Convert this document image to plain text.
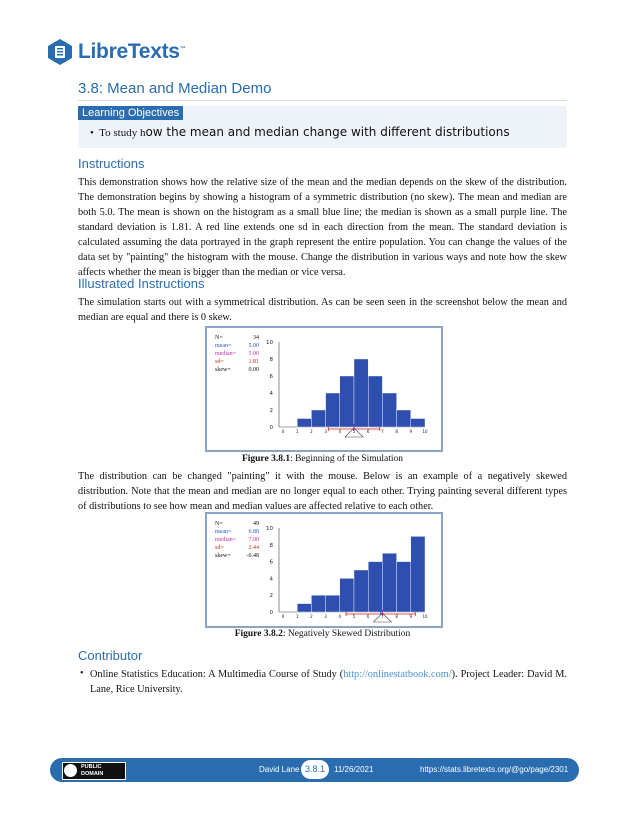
LibreTexts™
3.8: Mean and Median Demo
Learning Objectives
•  To study how the mean and median change with different distributions
Instructions

This demonstration shows how the relative size of the mean and the median depends on the skew of the distribution. The demonstration begins by showing a histogram of a symmetric distribution (no skew). The mean and median are both 5.0. The mean is shown on the histogram as a small blue line; the median is shown as a small purple line. The standard deviation is 1.81. A red line extends one sd in each direction from the mean. The standard deviation is calculated assuming the data portrayed in the graph represent the entire population. You can change the values of the data set by "painting" the histogram with the mouse. Change the distribution in various ways and note how the skew affects whether the mean is bigger than the median or vice versa.

Illustrated Instructions

The simulation starts out with a symmetrical distribution. As can be seen seen in the screenshot below the mean and median are equal and there is 0 skew.

N=	34
mean=	5.00
median= 5.00
sd=	1.81
skew=	0.00
0
2
4
6
8
10
0	1	2	3	4	5	6	7	8	9	10
Figure 3.8.1: Beginning of the Simulation

The distribution can be changed "painting" it with the mouse. Below is an example of a negatively skewed distribution. Note that the mean and median are no longer equal to each other. Trying painting several different types of distributions to see how mean and median values are affected relative to each other.

N=	49
mean=	6.88
median= 7.00
sd=	2.44
skew=	-0.48
0
2
4
6
8
10
0	1	2	3	4	5	6	7	8	9	10
Figure 3.8.2: Negatively Skewed Distribution
Contributor
• Online Statistics Education: A Multimedia Course of Study (http://onlinestatbook.com/). Project Leader: David M. Lane, Rice University.
PUBLIC
DOMAIN	David Lane 3.8.1	11/26/2021	https://stats.libretexts.org/@go/page/2301
